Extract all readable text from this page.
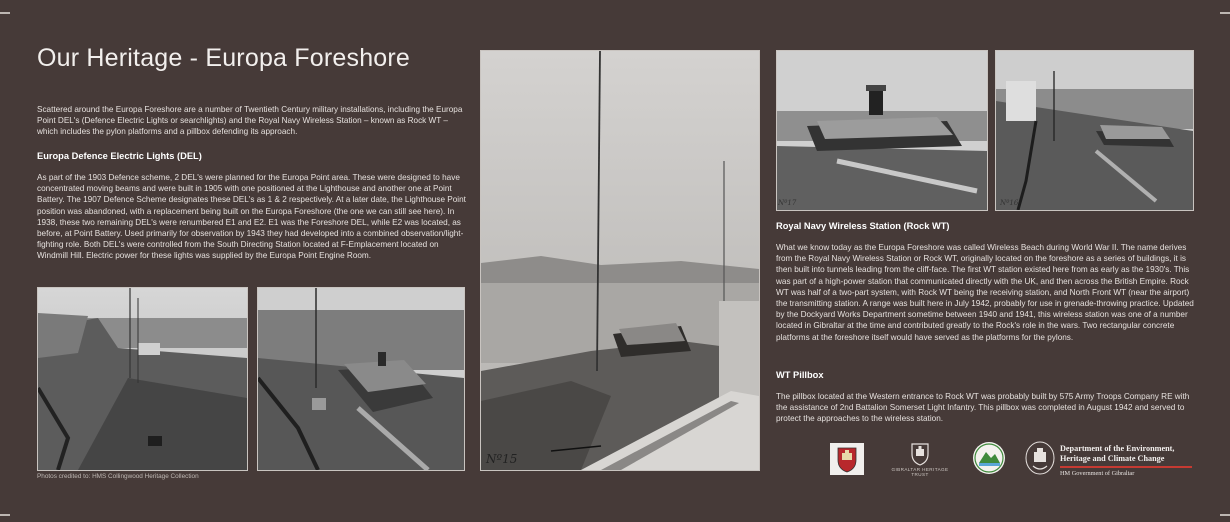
Our Heritage - Europa Foreshore

Scattered around the Europa Foreshore are a number of Twentieth Century military installations, including the Europa Point DEL's (Defence Electric Lights or searchlights) and the Royal Navy Wireless Station – known as Rock WT – which includes the pylon platforms and a pillbox defending its approach.

Europa Defence Electric Lights (DEL)

As part of the 1903 Defence scheme, 2 DEL's were planned for the Europa Point area. These were designed to have concentrated moving beams and were built in 1905 with one positioned at the Lighthouse and another one at Point Battery. The 1907 Defence Scheme designates these DEL's as 1 & 2 respectively. At a later date, the Lighthouse Point position was abandoned, with a replacement being built on the Europa Foreshore (the one we can still see here). In 1938, these two remaining DEL's were renumbered E1 and E2. E1 was the Foreshore DEL, while E2 was located, as before, at Point Battery. Used primarily for observation by 1943 they had developed into a combined observation/light-fighting role. Both DEL's were controlled from the South Directing Station located at F-Emplacement located on Windmill Hill. Electric power for these lights was supplied by the Europa Point Engine Room.

Photos credited to: HMS Collingwood Heritage Collection
Nº15
Nº17	Nº16
Royal Navy Wireless Station (Rock WT)

What we know today as the Europa Foreshore was called Wireless Beach during World War II. The name derives from the Royal Navy Wireless Station or Rock WT, originally located on the foreshore as a series of buildings, it is then built into tunnels leading from the cliff-face. The first WT station existed here from as early as the 1930's. This was part of a high-power station that communicated directly with the UK, and then across the British Empire. Rock WT was half of a two-part system, with Rock WT being the receiving station, and North Front WT (near the airport) the transmitting station. A range was built here in July 1942, probably for use in grenade-throwing practice. Updated by the Dockyard Works Department sometime between 1940 and 1941, this wireless station was one of a number located in Gibraltar at the time and contributed greatly to the Rock's role in the wars. Two rectangular concrete platforms at the foreshore itself would have served as the platforms for the pylons.

WT Pillbox

The pillbox located at the Western entrance to Rock WT was probably built by 575 Army Troops Company RE with the assistance of 2nd Battalion Somerset Light Infantry. This pillbox was completed in August 1942 and served to protect the approaches to the wireless station.

GIBRALTAR HERITAGE TRUST
Department of the Environment,
Heritage and Climate Change
HM Government of Gibraltar
